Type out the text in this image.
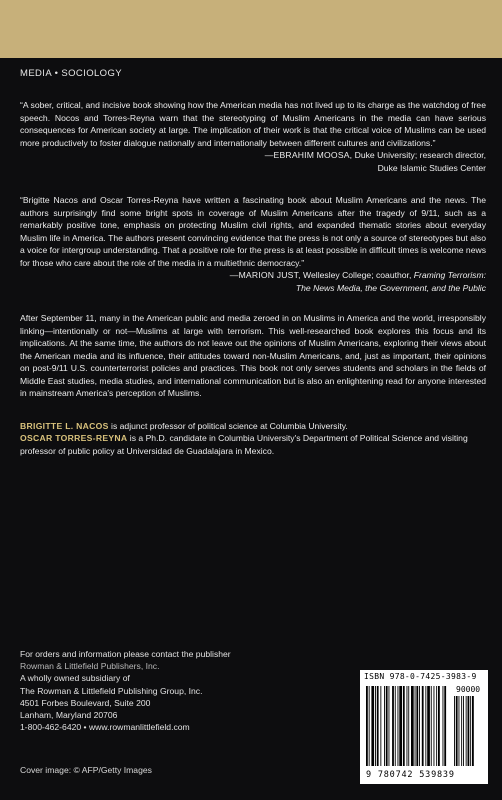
MEDIA • SOCIOLOGY

“A sober, critical, and incisive book showing how the American media has not lived up to its charge as the watchdog of free speech. Nocos and Torres-Reyna warn that the stereotyping of Muslim Americans in the media can have serious consequences for American society at large. The implication of their work is that the critical voice of Muslims can be used more productively to foster dialogue nationally and internationally between different cultures and civilizations.”

—EBRAHIM MOOSA, Duke University; research director,
Duke Islamic Studies Center

“Brigitte Nacos and Oscar Torres-Reyna have written a fascinating book about Muslim Americans and the news. The authors surprisingly find some bright spots in coverage of Muslim Americans after the tragedy of 9/11, such as a remarkably positive tone, emphasis on protecting Muslim civil rights, and expanded thematic stories about everyday Muslim life in America. The authors present convincing evidence that the press is not only a source of stereotypes but also a voice for intergroup understanding. That a positive role for the press is at least possible in difficult times is welcome news for those who care about the role of the media in a multiethnic democracy.”

—MARION JUST, Wellesley College; coauthor, Framing Terrorism:
The News Media, the Government, and the Public

After September 11, many in the American public and media zeroed in on Muslims in America and the world, irresponsibly linking—intentionally or not—Muslims at large with terrorism. This well-researched book explores this focus and its implications. At the same time, the authors do not leave out the opinions of Muslim Americans, exploring their views about the American media and its influence, their attitudes toward non-Muslim Americans, and, just as important, their opinions on post-9/11 U.S. counterterrorist policies and practices. This book not only serves students and scholars in the fields of Middle East studies, media studies, and international communication but is also an enlightening read for anyone interested in mainstream America's perception of Muslims.

BRIGITTE L. NACOS is adjunct professor of political science at Columbia University.

OSCAR TORRES-REYNA is a Ph.D. candidate in Columbia University's Department of Political Science and visiting professor of public policy at Universidad de Guadalajara in Mexico.

For orders and information please contact the publisher
Rowman & Littlefield Publishers, Inc.
A wholly owned subsidiary of
The Rowman & Littlefield Publishing Group, Inc.
4501 Forbes Boulevard, Suite 200
Lanham, Maryland 20706
1-800-462-6420 • www.rowmanlittlefield.com
Cover image: © AFP/Getty Images
ISBN 978-0-7425-3983-9
90000
9 780742 539839
